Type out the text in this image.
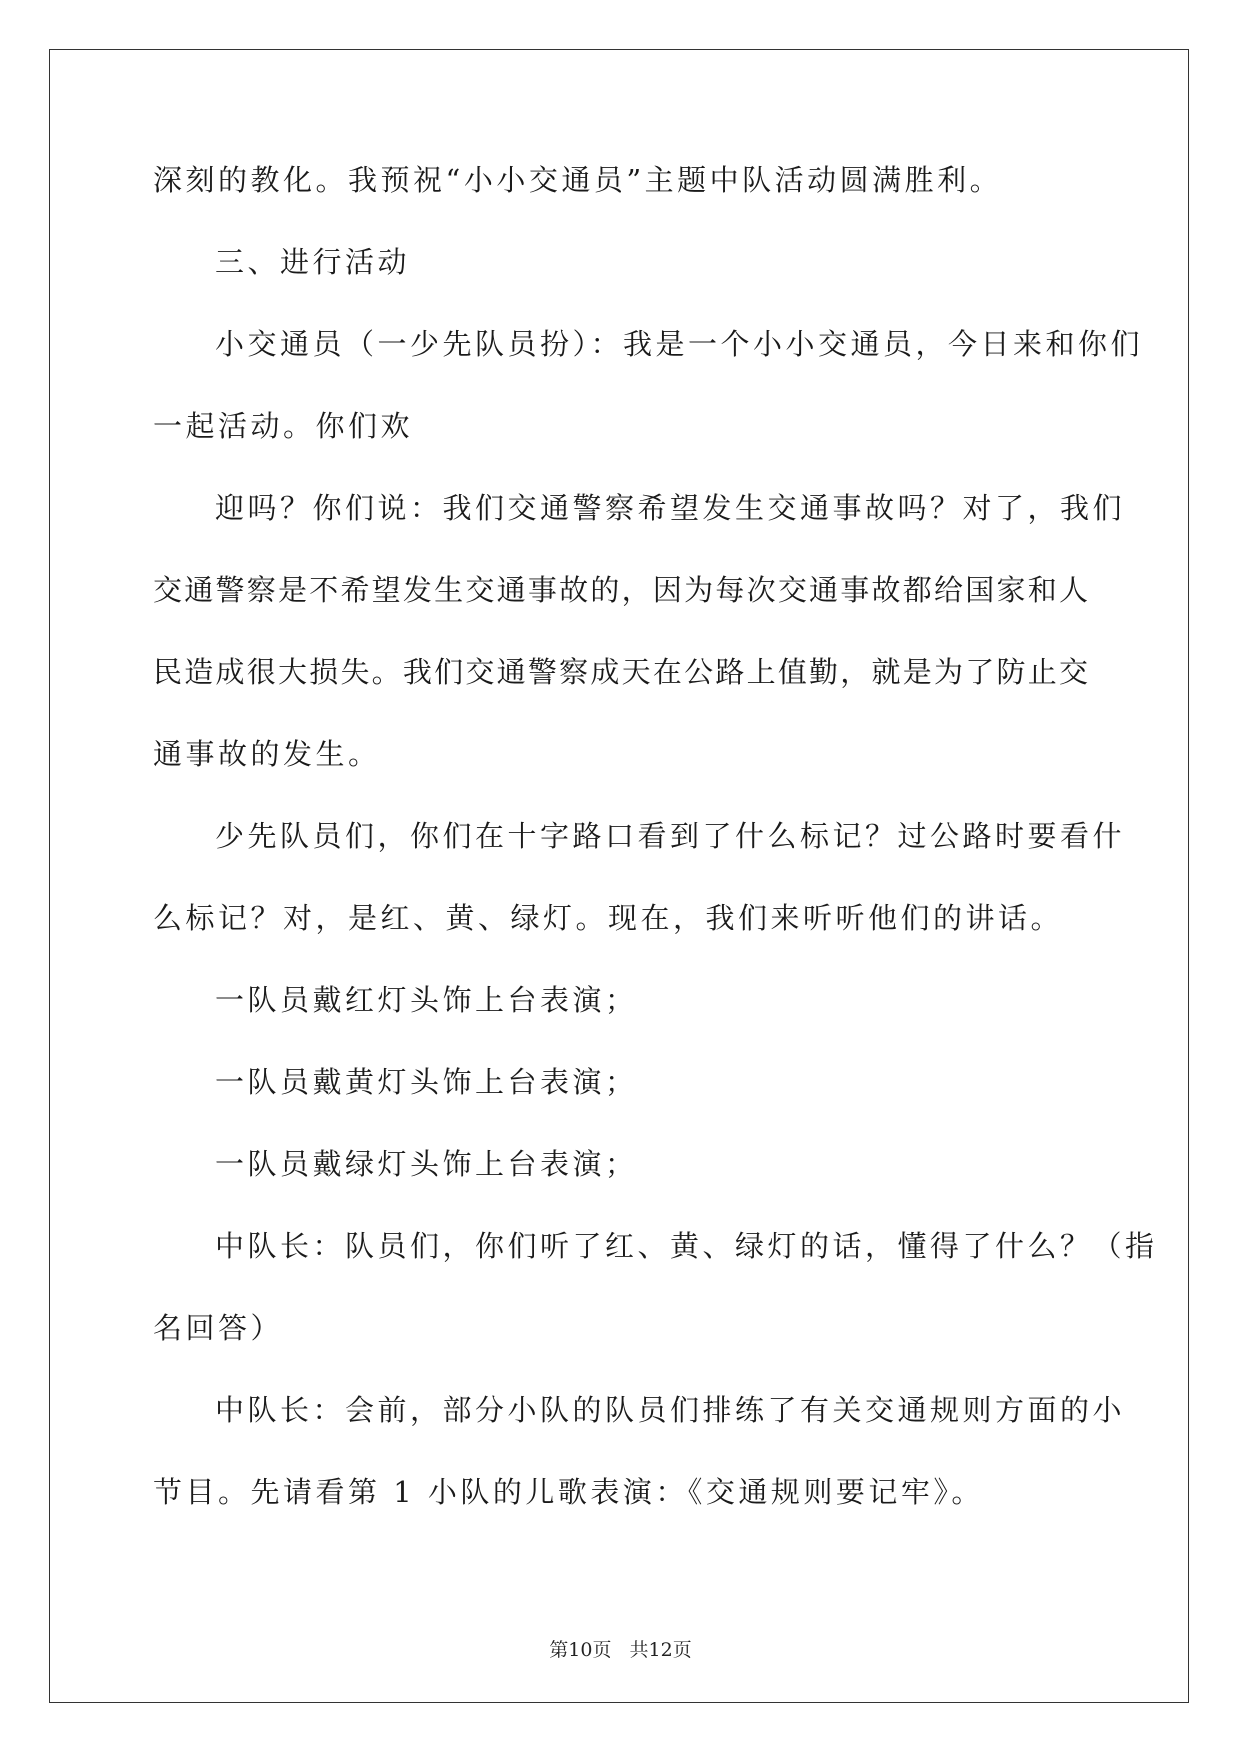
深刻的教化。我预祝“小小交通员”主题中队活动圆满胜利。
三、进行活动
小交通员（一少先队员扮）：我是一个小小交通员，今日来和你们
一起活动。你们欢
迎吗？你们说：我们交通警察希望发生交通事故吗？对了，我们
交通警察是不希望发生交通事故的，因为每次交通事故都给国家和人
民造成很大损失。我们交通警察成天在公路上值勤，就是为了防止交
通事故的发生。
少先队员们，你们在十字路口看到了什么标记？过公路时要看什
么标记？对，是红、黄、绿灯。现在，我们来听听他们的讲话。
一队员戴红灯头饰上台表演；
一队员戴黄灯头饰上台表演；
一队员戴绿灯头饰上台表演；
中队长：队员们，你们听了红、黄、绿灯的话，懂得了什么？（指
名回答）
中队长：会前，部分小队的队员们排练了有关交通规则方面的小
节目。先请看第 1 小队的儿歌表演：《交通规则要记牢》。
第10页 共12页
